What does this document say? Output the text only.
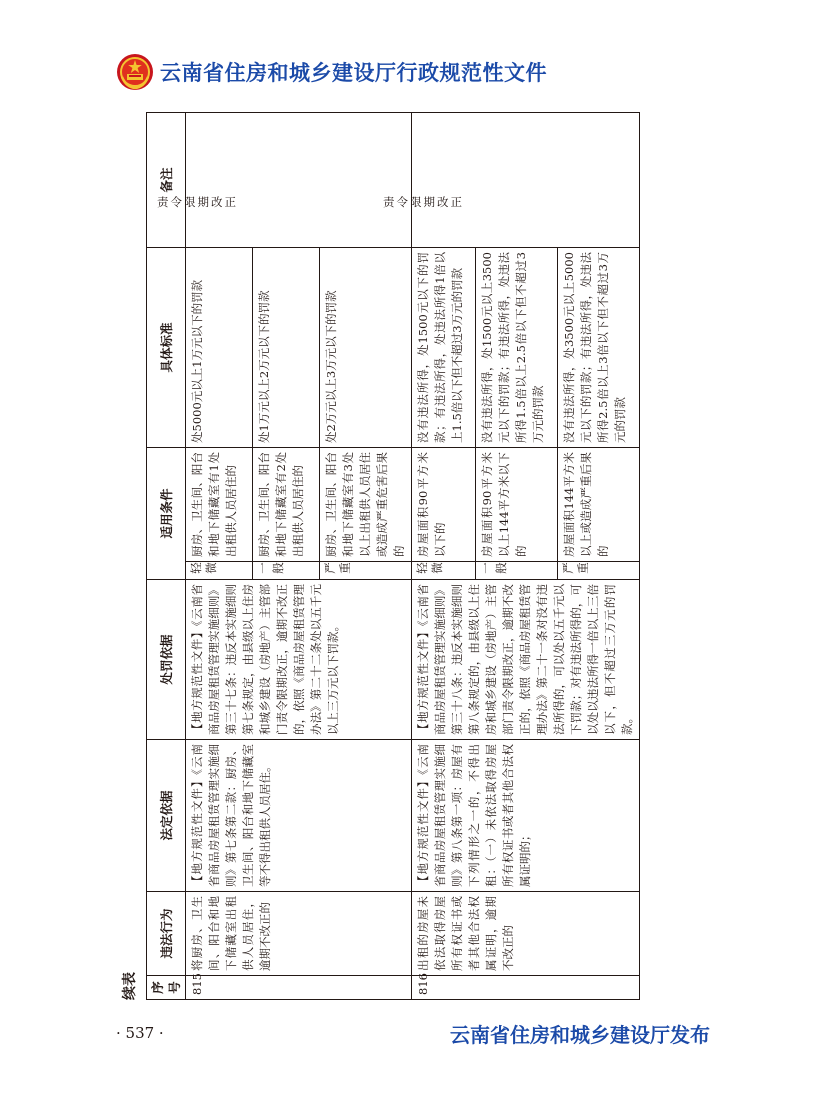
云南省住房和城乡建设厅行政规范性文件
续表 序号	违法行为	法定依据	处罚依据	适用条件		具体标准	备注
815	将厨房、卫生间、阳台和地下储藏室出租供人员居住，逾期不改正的	【地方规范性文件】《云南省商品房屋租赁管理实施细则》第七条第二款：厨房、卫生间、阳台和地下储藏室等不得出租供人员居住。	【地方规范性文件】《云南省商品房屋租赁管理实施细则》第三十七条：违反本实施细则第七条规定，由县级以上住房和城乡建设（房地产）主管部门责令限期改正，逾期不改正的，依照《商品房屋租赁管理办法》第二十二条处以五千元以上三万元以下罚款。	轻微	厨房、卫生间、阳台和地下储藏室有1处出租供人员居住的	处5000元以上1万元以下的罚款	责令限期改正
				一般	厨房、卫生间、阳台和地下储藏室有2处出租供人员居住的	处1万元以上2万元以下的罚款	
				严重	厨房、卫生间、阳台和地下储藏室有3处以上出租供人员居住或造成严重危害后果的	处2万元以上3万元以下的罚款	
816	出租的房屋未依法取得房屋所有权证书或者其他合法权属证明，逾期不改正的	【地方规范性文件】《云南省商品房屋租赁管理实施细则》第八条第一项：房屋有下列情形之一的，不得出租：（一）未依法取得房屋所有权证书或者其他合法权属证明的；	【地方规范性文件】《云南省商品房屋租赁管理实施细则》第三十八条：违反本实施细则第八条规定的，由县级以上住房和城乡建设（房地产）主管部门责令限期改正，逾期不改正的，依照《商品房屋租赁管理办法》第二十一条对没有违法所得的，可以处以五千元以下罚款；对有违法所得的，可以处以违法所得一倍以上三倍以下，但不超过三万元的罚款。	轻微	房屋面积90平方米以下的	没有违法所得，处1500元以下的罚款；有违法所得，处违法所得1倍以上1.5倍以下但不超过3万元的罚款	责令限期改正
				一般	房屋面积90平方米以上144平方米以下的	没有违法所得，处1500元以上3500元以下的罚款；有违法所得，处违法所得1.5倍以上2.5倍以下但不超过3万元的罚款	
				严重	房屋面积144平方米以上或造成严重后果的	没有违法所得，处3500元以上5000元以下的罚款；有违法所得，处违法所得2.5倍以上3倍以下但不超过3万元的罚款	
· 537 ·	云南省住房和城乡建设厅发布
